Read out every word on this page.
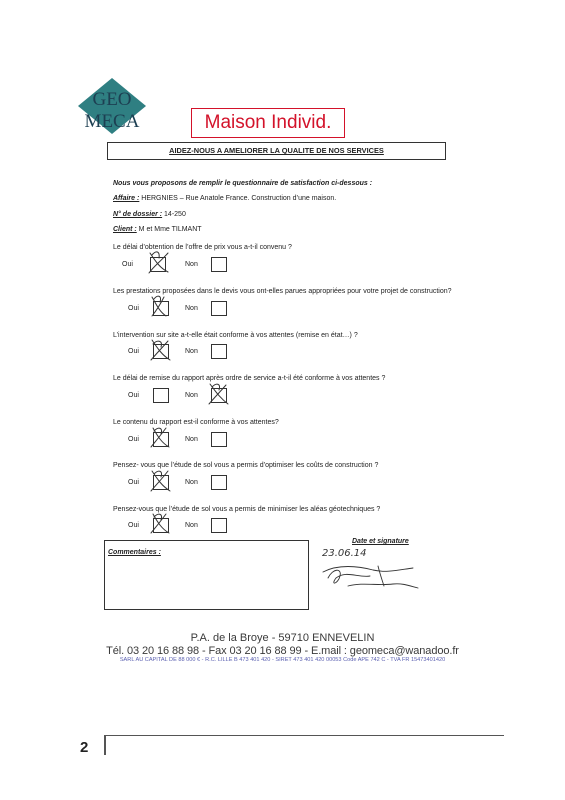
GEO
MECA	Maison Individ.
AIDEZ-NOUS A AMELIORER LA QUALITE DE NOS SERVICES
Nous vous proposons de remplir le questionnaire de satisfaction ci-dessous :
Affaire : HERGNIES – Rue Anatole France. Construction d’une maison.
N° de dossier : 14-250
Client : M et Mme TILMANT
Le délai d’obtention de l’offre de prix vous a-t-il convenu ?
Oui	Non
Les prestations proposées dans le devis vous ont-elles parues appropriées pour votre projet de construction?
Oui	Non
L’intervention sur site a-t-elle était conforme à vos attentes (remise en état…) ?
Oui	Non
Le délai de remise du rapport après ordre de service a-t-il été conforme à vos attentes ?
Oui	Non
Le contenu du rapport est-il conforme à vos attentes?
Oui	Non
Pensez- vous que l’étude de sol vous a permis d’optimiser les coûts de construction ?
Oui	Non
Pensez-vous que l’étude de sol vous a permis de minimiser les aléas géotechniques ?
Oui	Non
Commentaires :
Date et signature
23.06.14
P.A. de la Broye - 59710 ENNEVELIN
Tél. 03 20 16 88 98 - Fax 03 20 16 88 99 - E.mail : geomeca@wanadoo.fr
SARL AU CAPITAL DE 88 000 € - R.C. LILLE B 473 401 420 - SIRET 473 401 420 00053 Code APE 742 C - TVA FR 15473401420
2
